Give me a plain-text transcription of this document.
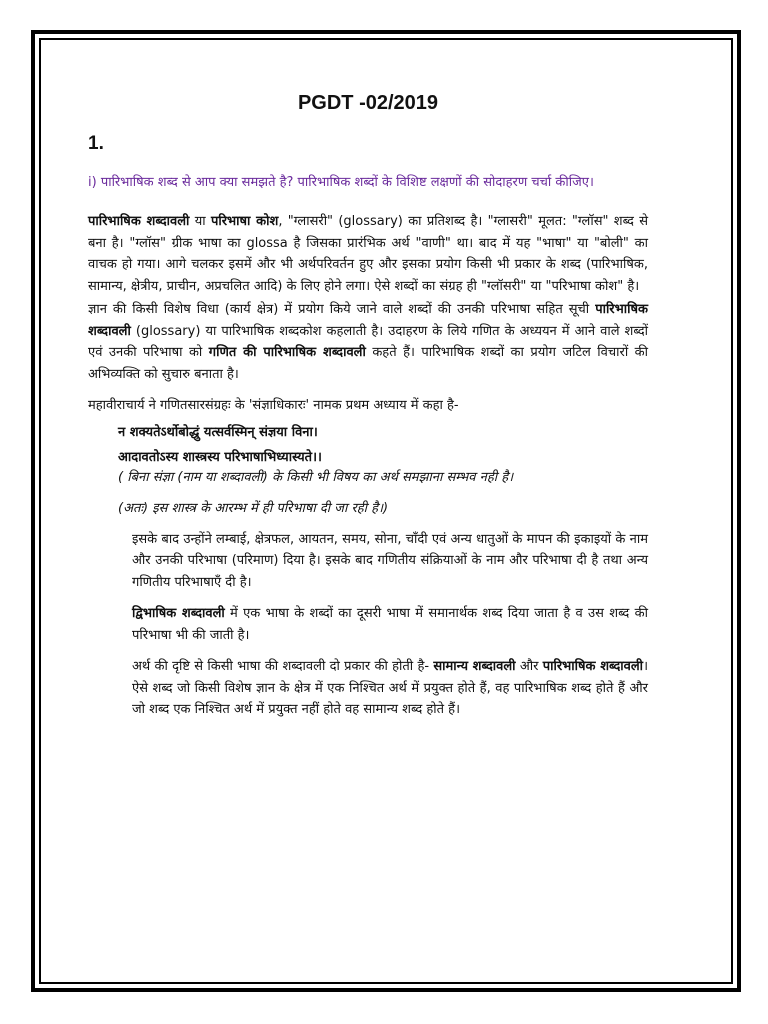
PGDT -02/2019
1.
i) पारिभाषिक शब्द से आप क्या समझते है? पारिभाषिक शब्दों के विशिष्ट लक्षणों की सोदाहरण चर्चा कीजिए।

पारिभाषिक शब्दावली या परिभाषा कोश, "ग्लासरी" (glossary) का प्रतिशब्द है। "ग्लासरी" मूलत: "ग्लॉस" शब्द से बना है। "ग्लॉस" ग्रीक भाषा का glossa है जिसका प्रारंभिक अर्थ "वाणी" था। बाद में यह "भाषा" या "बोली" का वाचक हो गया। आगे चलकर इसमें और भी अर्थपरिवर्तन हुए और इसका प्रयोग किसी भी प्रकार के शब्द (पारिभाषिक, सामान्य, क्षेत्रीय, प्राचीन, अप्रचलित आदि) के लिए होने लगा। ऐसे शब्दों का संग्रह ही "ग्लॉसरी" या "परिभाषा कोश" है।

ज्ञान की किसी विशेष विधा (कार्य क्षेत्र) में प्रयोग किये जाने वाले शब्दों की उनकी परिभाषा सहित सूची पारिभाषिक शब्दावली (glossary) या पारिभाषिक शब्दकोश कहलाती है। उदाहरण के लिये गणित के अध्ययन में आने वाले शब्दों एवं उनकी परिभाषा को गणित की पारिभाषिक शब्दावली कहते हैं। पारिभाषिक शब्दों का प्रयोग जटिल विचारों की अभिव्यक्ति को सुचारु बनाता है।

महावीराचार्य ने गणितसारसंग्रहः के 'संज्ञाधिकारः' नामक प्रथम अध्याय में कहा है-

न शक्यतेऽर्थोबोद्धुं यत्सर्वस्मिन् संज्ञया विना।
आदावतोऽस्य शास्त्रस्य परिभाषाभिध्यास्यते।।
( बिना संज्ञा (नाम या शब्दावली) के किसी भी विषय का अर्थ समझाना सम्भव नही है।
(अतः) इस शास्त्र के आरम्भ में ही परिभाषा दी जा रही है।)

इसके बाद उन्होंने लम्बाई, क्षेत्रफल, आयतन, समय, सोना, चाँदी एवं अन्य धातुओं के मापन की इकाइयों के नाम और उनकी परिभाषा (परिमाण) दिया है। इसके बाद गणितीय संक्रियाओं के नाम और परिभाषा दी है तथा अन्य गणितीय परिभाषाएँ दी है।

द्विभाषिक शब्दावली में एक भाषा के शब्दों का दूसरी भाषा में समानार्थक शब्द दिया जाता है व उस शब्द की परिभाषा भी की जाती है।

अर्थ की दृष्टि से किसी भाषा की शब्दावली दो प्रकार की होती है- सामान्य शब्दावली और पारिभाषिक शब्दावली। ऐसे शब्द जो किसी विशेष ज्ञान के क्षेत्र में एक निश्चित अर्थ में प्रयुक्त होते हैं, वह पारिभाषिक शब्द होते हैं और जो शब्द एक निश्चित अर्थ में प्रयुक्त नहीं होते वह सामान्य शब्द होते हैं।
